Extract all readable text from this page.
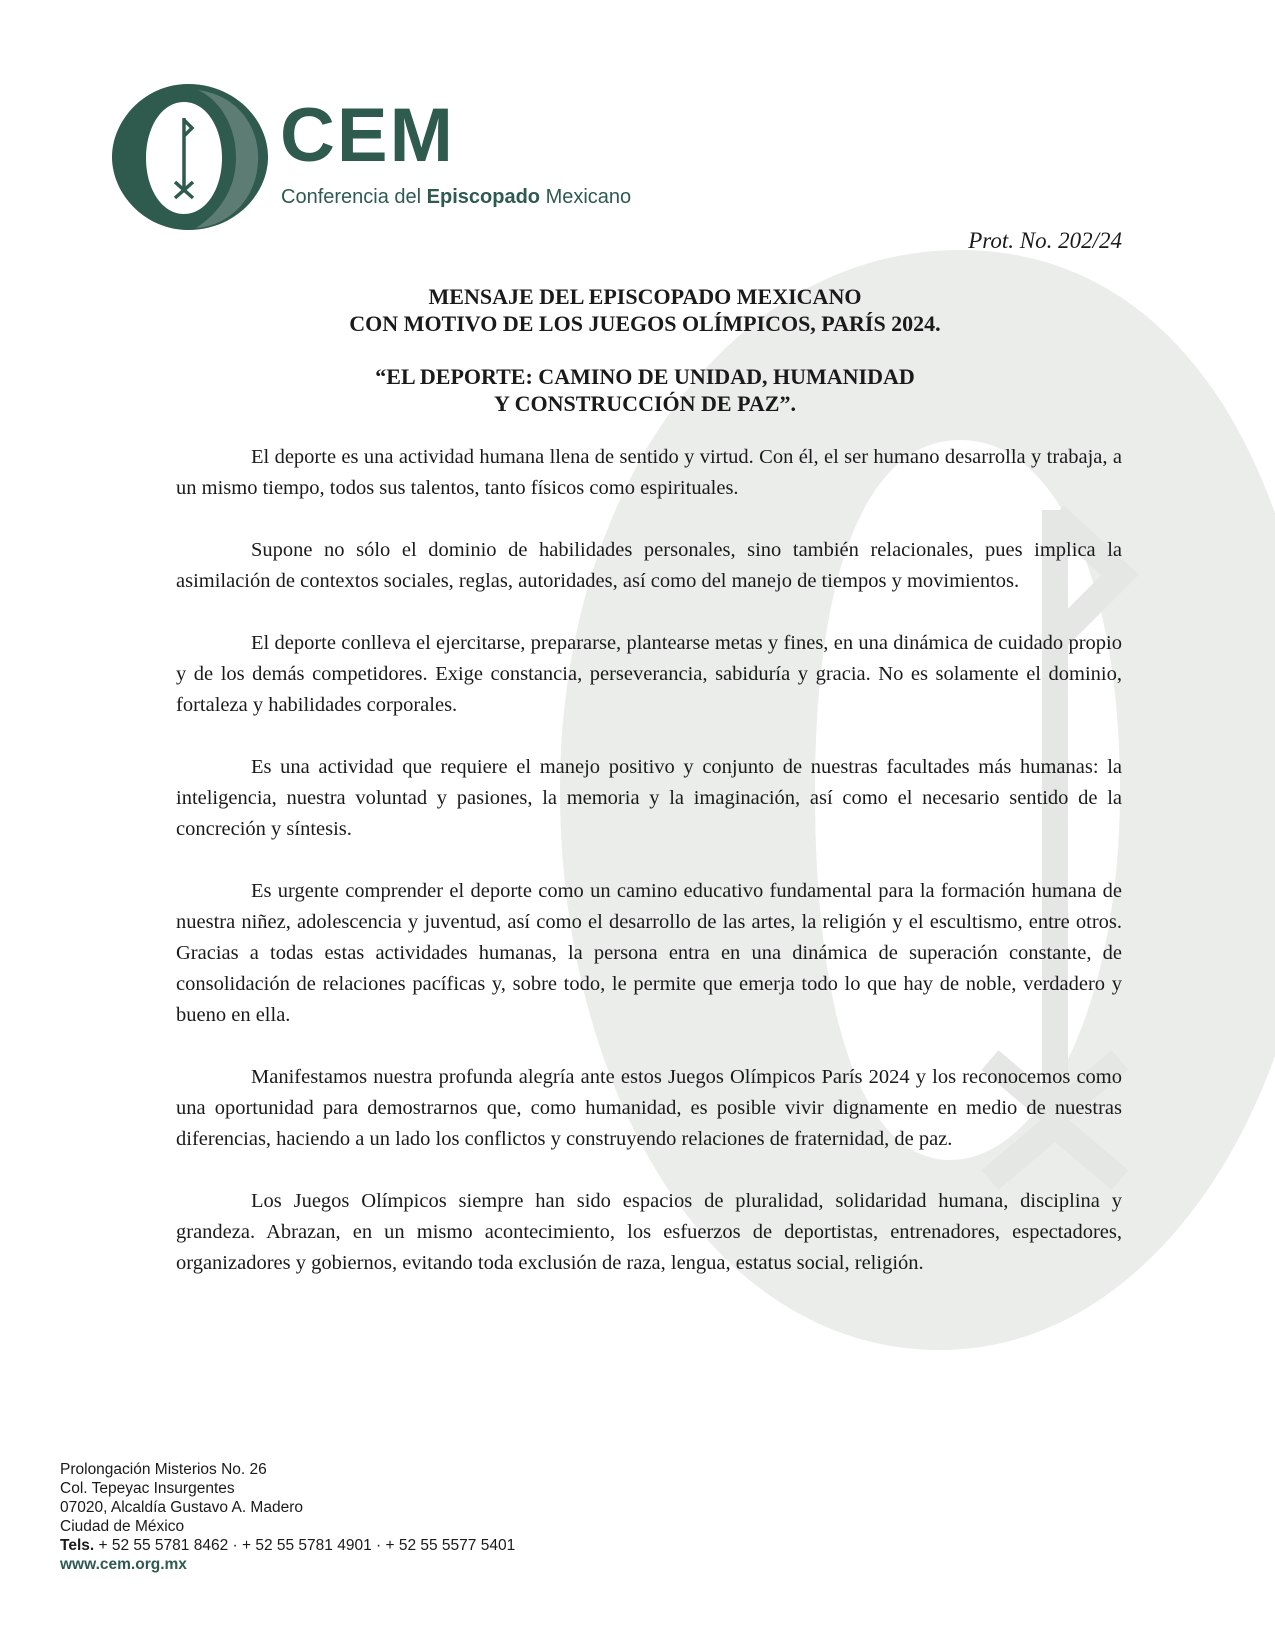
CEM
Conferencia del Episcopado Mexicano
Prot. No. 202/24
MENSAJE DEL EPISCOPADO MEXICANO
CON MOTIVO DE LOS JUEGOS OLÍMPICOS, PARÍS 2024.
“EL DEPORTE: CAMINO DE UNIDAD, HUMANIDAD
Y CONSTRUCCIÓN DE PAZ”.

El deporte es una actividad humana llena de sentido y virtud. Con él, el ser humano desarrolla y trabaja, a un mismo tiempo, todos sus talentos, tanto físicos como espirituales.

Supone no sólo el dominio de habilidades personales, sino también relacionales, pues implica la asimilación de contextos sociales, reglas, autoridades, así como del manejo de tiempos y movimientos.

El deporte conlleva el ejercitarse, prepararse, plantearse metas y fines, en una dinámica de cuidado propio y de los demás competidores. Exige constancia, perseverancia, sabiduría y gracia. No es solamente el dominio, fortaleza y habilidades corporales.

Es una actividad que requiere el manejo positivo y conjunto de nuestras facultades más humanas: la inteligencia, nuestra voluntad y pasiones, la memoria y la imaginación, así como el necesario sentido de la concreción y síntesis.

Es urgente comprender el deporte como un camino educativo fundamental para la formación humana de nuestra niñez, adolescencia y juventud, así como el desarrollo de las artes, la religión y el escultismo, entre otros. Gracias a todas estas actividades humanas, la persona entra en una dinámica de superación constante, de consolidación de relaciones pacíficas y, sobre todo, le permite que emerja todo lo que hay de noble, verdadero y bueno en ella.

Manifestamos nuestra profunda alegría ante estos Juegos Olímpicos París 2024 y los reconocemos como una oportunidad para demostrarnos que, como humanidad, es posible vivir dignamente en medio de nuestras diferencias, haciendo a un lado los conflictos y construyendo relaciones de fraternidad, de paz.

Los Juegos Olímpicos siempre han sido espacios de pluralidad, solidaridad humana, disciplina y grandeza. Abrazan, en un mismo acontecimiento, los esfuerzos de deportistas, entrenadores, espectadores, organizadores y gobiernos, evitando toda exclusión de raza, lengua, estatus social, religión.

Prolongación Misterios No. 26
Col. Tepeyac Insurgentes
07020, Alcaldía Gustavo A. Madero
Ciudad de México
Tels. + 52 55 5781 8462 · + 52 55 5781 4901 · + 52 55 5577 5401
www.cem.org.mx
